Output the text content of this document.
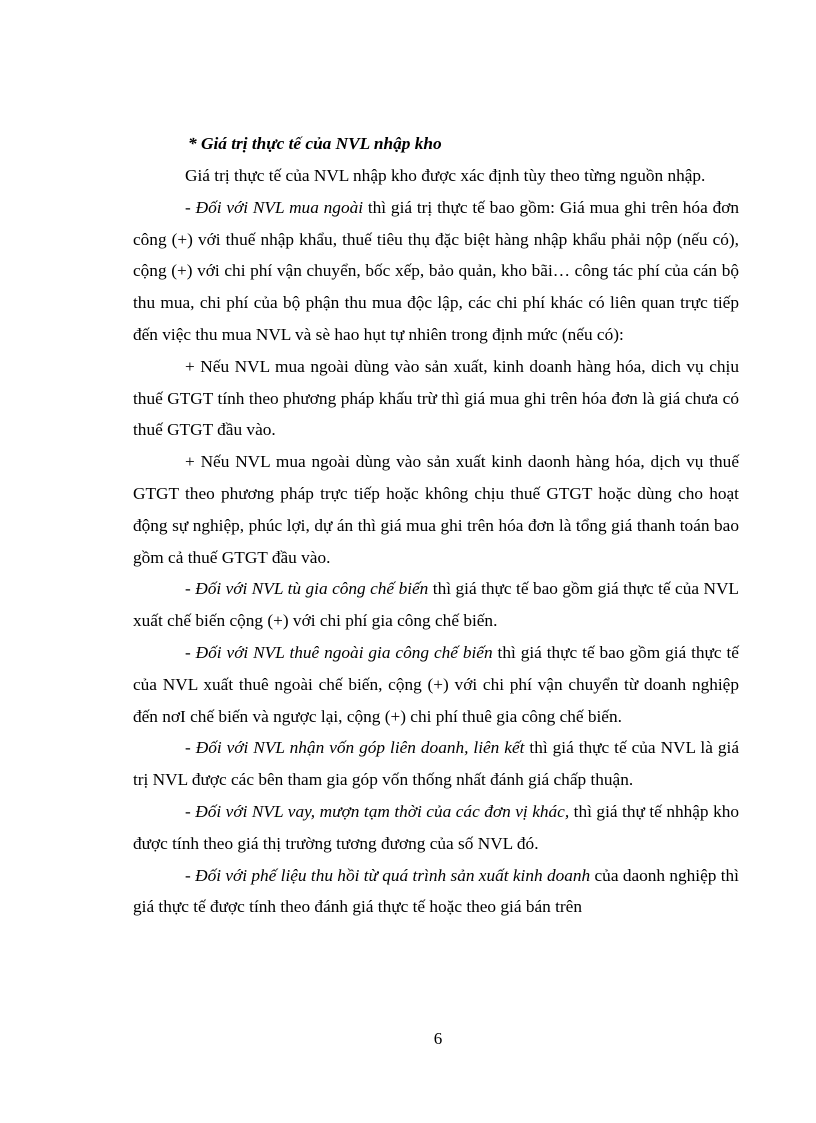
* Giá trị thực tế của NVL nhập kho

Giá trị thực tế của NVL nhập kho được xác định tùy theo từng nguồn nhập.

- Đối với NVL mua ngoài thì giá trị thực tế bao gồm: Giá mua ghi trên hóa đơn công (+) với thuế nhập khẩu, thuế tiêu thụ đặc biệt hàng nhập khẩu phải nộp (nếu có), cộng (+) với chi phí vận chuyển, bốc xếp, bảo quản, kho bãi… công tác phí của cán bộ thu mua, chi phí của bộ phận thu mua độc lập, các chi phí khác có liên quan trực tiếp đến việc thu mua NVL và sè hao hụt tự nhiên trong định mức (nếu có):

+ Nếu NVL mua ngoài dùng vào sản xuất, kinh doanh hàng hóa, dich vụ chịu thuế GTGT tính theo phương pháp khấu trừ thì giá mua ghi trên hóa đơn là giá chưa có thuế GTGT đầu vào.

+ Nếu NVL mua ngoài dùng vào sản xuất kinh daonh hàng hóa, dịch vụ thuế GTGT theo phương pháp trực tiếp hoặc không chịu thuế GTGT hoặc dùng cho hoạt động sự nghiệp, phúc lợi, dự án thì giá mua ghi trên hóa đơn là tổng giá thanh toán bao gồm cả thuế GTGT đầu vào.

- Đối với NVL tù gia công chế biến thì giá thực tế bao gồm giá thực tế của NVL xuất chế biến cộng (+) với chi phí gia công chế biến.

- Đối với NVL thuê ngoài gia công chế biến thì giá thực tế bao gồm giá thực tế của NVL xuất thuê ngoài chế biến, cộng (+) với chi phí vận chuyển từ doanh nghiệp đến nơI chế biến và ngược lại, cộng (+) chi phí thuê gia công chế biến.

- Đối với NVL nhận vốn góp liên doanh, liên kết thì giá thực tế của NVL là giá trị NVL được các bên tham gia góp vốn thống nhất đánh giá chấp thuận.

- Đối với NVL vay, mượn tạm thời của các đơn vị khác, thì giá thự tế nhhập kho được tính theo giá thị trường tương đương của số NVL đó.

- Đối với phế liệu thu hồi từ quá trình sản xuất kinh doanh của daonh nghiệp thì giá thực tế được tính theo đánh giá thực tế hoặc theo giá bán trên

6
